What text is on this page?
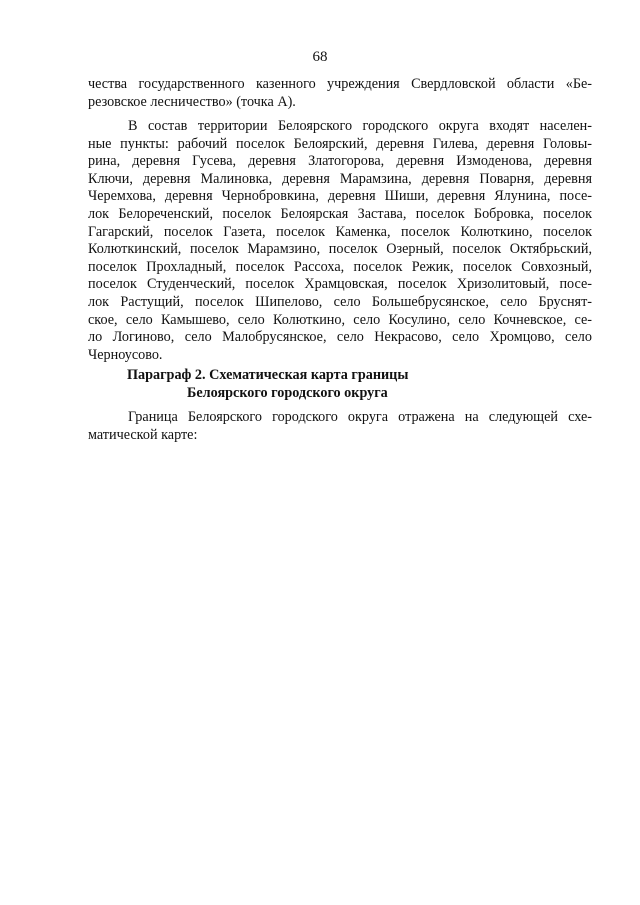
68
чества государственного казенного учреждения Свердловской области «Бе-
резовское лесничество» (точка А).
В состав территории Белоярского городского округа входят населен-
ные пункты: рабочий поселок Белоярский, деревня Гилева, деревня Головы-
рина, деревня Гусева, деревня Златогорова, деревня Измоденова, деревня
Ключи, деревня Малиновка, деревня Марамзина, деревня Поварня, деревня
Черемхова, деревня Чернобровкина, деревня Шиши, деревня Ялунина, посе-
лок Белореченский, поселок Белоярская Застава, поселок Бобровка, поселок
Гагарский, поселок Газета, поселок Каменка, поселок Колюткино, поселок
Колюткинский, поселок Марамзино, поселок Озерный, поселок Октябрьский,
поселок Прохладный, поселок Рассоха, поселок Режик, поселок Совхозный,
поселок Студенческий, поселок Храмцовская, поселок Хризолитовый, посе-
лок Растущий, поселок Шипелово, село Большебрусянское, село Бруснят-
ское, село Камышево, село Колюткино, село Косулино, село Кочневское, се-
ло Логиново, село Малобрусянское, село Некрасово, село Хромцово, село
Черноусово.
Параграф 2. Схематическая карта границы
Белоярского городского округа
Граница Белоярского городского округа отражена на следующей схе-
матической карте:
